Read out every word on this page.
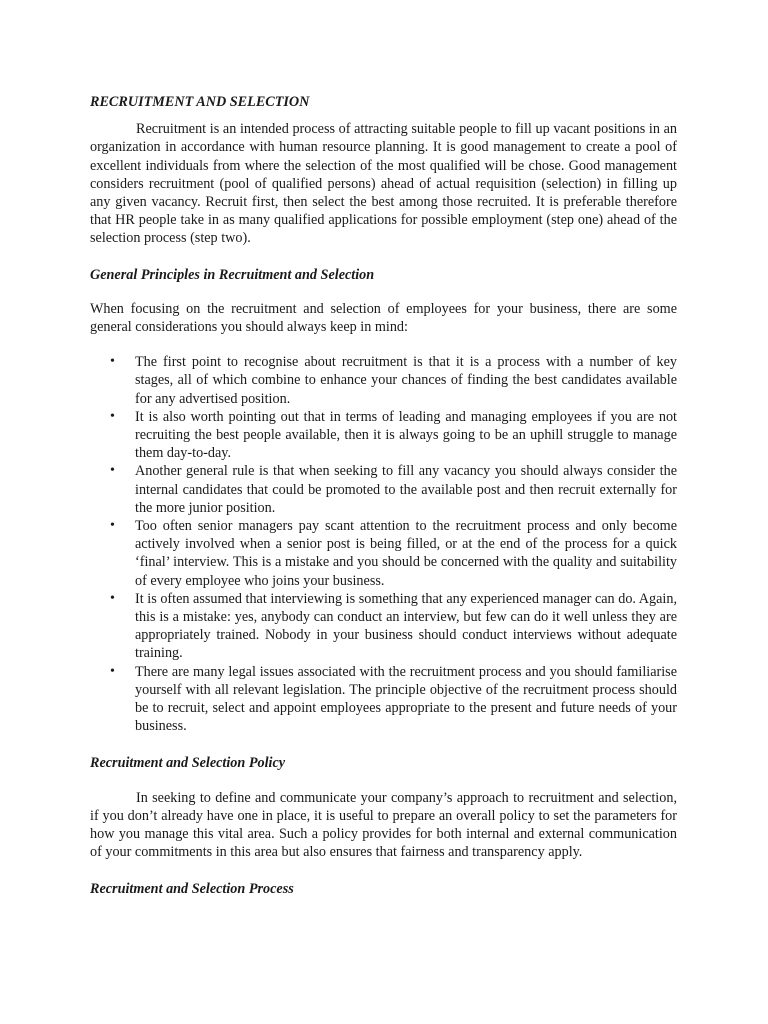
RECRUITMENT AND SELECTION

Recruitment is an intended process of attracting suitable people to fill up vacant positions in an organization in accordance with human resource planning. It is good management to create a pool of excellent individuals from where the selection of the most qualified will be chose. Good management considers recruitment (pool of qualified persons) ahead of actual requisition (selection) in filling up any given vacancy. Recruit first, then select the best among those recruited. It is preferable therefore that HR people take in as many qualified applications for possible employment (step one) ahead of the selection process (step two).

General Principles in Recruitment and Selection

When focusing on the recruitment and selection of employees for your business, there are some general considerations you should always keep in mind:

• The first point to recognise about recruitment is that it is a process with a number of key stages, all of which combine to enhance your chances of finding the best candidates available for any advertised position.
• It is also worth pointing out that in terms of leading and managing employees if you are not recruiting the best people available, then it is always going to be an uphill struggle to manage them day-to-day.
• Another general rule is that when seeking to fill any vacancy you should always consider the internal candidates that could be promoted to the available post and then recruit externally for the more junior position.
• Too often senior managers pay scant attention to the recruitment process and only become actively involved when a senior post is being filled, or at the end of the process for a quick ‘final’ interview. This is a mistake and you should be concerned with the quality and suitability of every employee who joins your business.
• It is often assumed that interviewing is something that any experienced manager can do. Again, this is a mistake: yes, anybody can conduct an interview, but few can do it well unless they are appropriately trained. Nobody in your business should conduct interviews without adequate training.
• There are many legal issues associated with the recruitment process and you should familiarise yourself with all relevant legislation. The principle objective of the recruitment process should be to recruit, select and appoint employees appropriate to the present and future needs of your business.

Recruitment and Selection Policy

In seeking to define and communicate your company’s approach to recruitment and selection, if you don’t already have one in place, it is useful to prepare an overall policy to set the parameters for how you manage this vital area. Such a policy provides for both internal and external communication of your commitments in this area but also ensures that fairness and transparency apply.

Recruitment and Selection Process
